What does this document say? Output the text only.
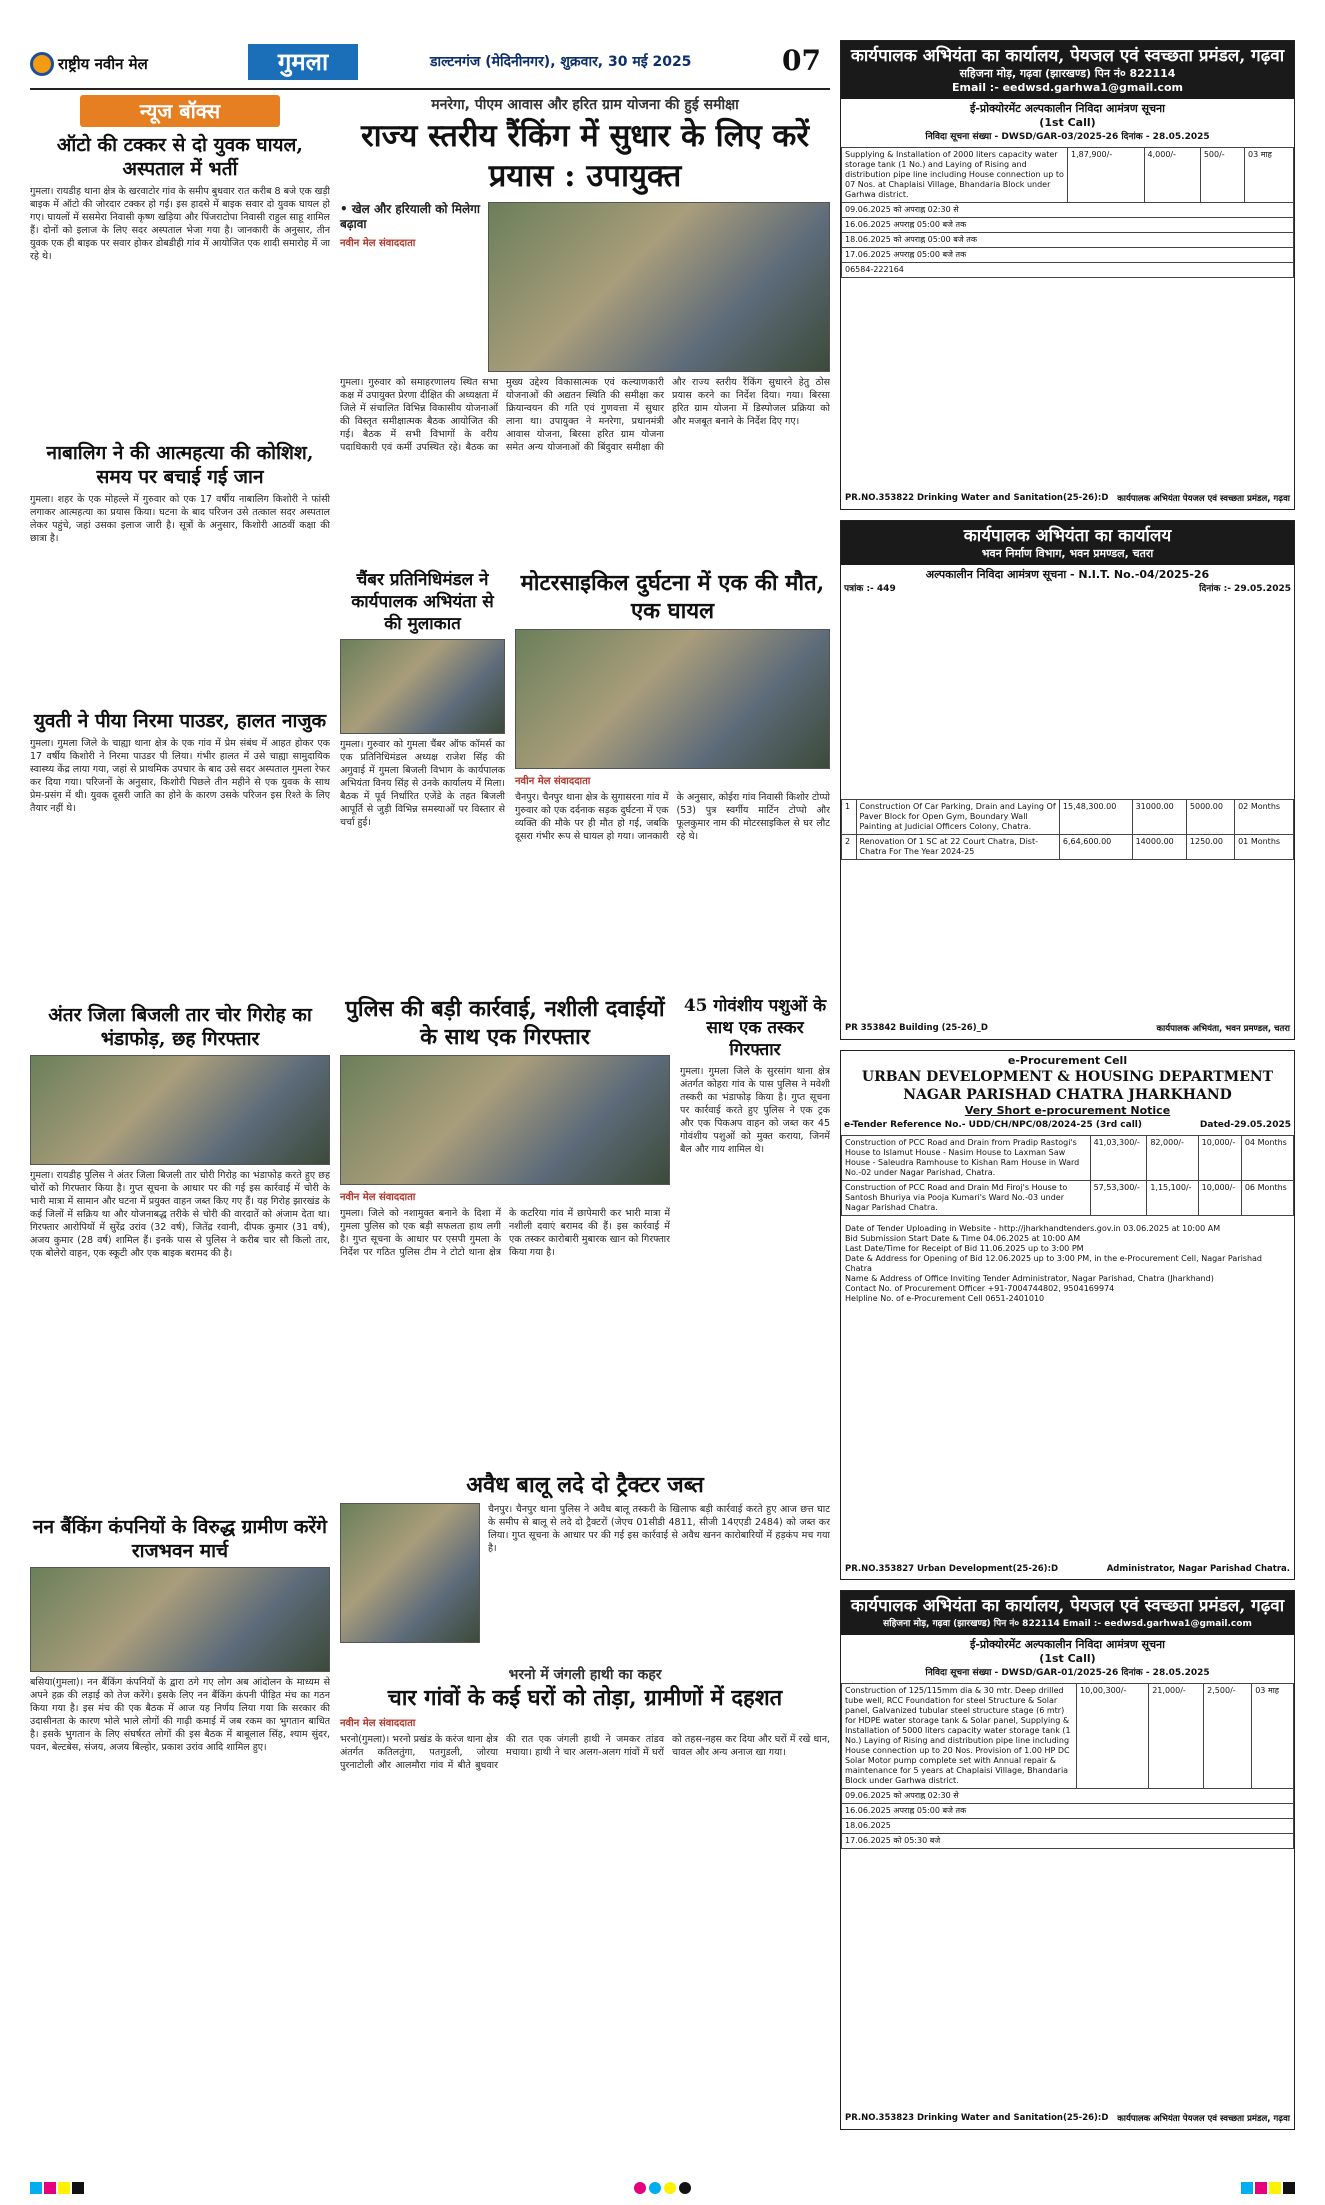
राष्ट्रीय नवीन मेल	गुमला	डाल्टनगंज (मेदिनीनगर), शुक्रवार, 30 मई 2025	07
न्यूज बॉक्स
ऑटो की टक्कर से दो युवक घायल, अस्पताल में भर्ती
गुमला। रायडीह थाना क्षेत्र के खरवाटोर गांव के समीप बुधवार रात करीब 8 बजे एक खड़ी बाइक में ऑटो की जोरदार टक्कर हो गई। इस हादसे में बाइक सवार दो युवक घायल हो गए। घायलों में ससमेरा निवासी कृष्ण खड़िया और पिंजराटोपा निवासी राहुल साहू शामिल हैं। दोनों को इलाज के लिए सदर अस्पताल भेजा गया है। जानकारी के अनुसार, तीन युवक एक ही बाइक पर सवार होकर डोबडीही गांव में आयोजित एक शादी समारोह में जा रहे थे।
नाबालिग ने की आत्महत्या की कोशिश, समय पर बचाई गई जान
गुमला। शहर के एक मोहल्ले में गुरुवार को एक 17 वर्षीय नाबालिग किशोरी ने फांसी लगाकर आत्महत्या का प्रयास किया। घटना के बाद परिजन उसे तत्काल सदर अस्पताल लेकर पहुंचे, जहां उसका इलाज जारी है। सूत्रों के अनुसार, किशोरी आठवीं कक्षा की छात्रा है।
युवती ने पीया निरमा पाउडर, हालत नाजुक
गुमला। गुमला जिले के चाह्या थाना क्षेत्र के एक गांव में प्रेम संबंध में आहत होकर एक 17 वर्षीय किशोरी ने निरमा पाउडर पी लिया। गंभीर हालत में उसे चाह्या सामुदायिक स्वास्थ्य केंद्र लाया गया, जहां से प्राथमिक उपचार के बाद उसे सदर अस्पताल गुमला रेफर कर दिया गया। परिजनों के अनुसार, किशोरी पिछले तीन महीने से एक युवक के साथ प्रेम-प्रसंग में थी। युवक दूसरी जाति का होने के कारण उसके परिजन इस रिश्ते के लिए तैयार नहीं थे।
अंतर जिला बिजली तार चोर गिरोह का भंडाफोड़, छह गिरफ्तार
गुमला। रायडीह पुलिस ने अंतर जिला बिजली तार चोरी गिरोह का भंडाफोड़ करते हुए छह चोरों को गिरफ्तार किया है। गुप्त सूचना के आधार पर की गई इस कार्रवाई में चोरी के भारी मात्रा में सामान और घटना में प्रयुक्त वाहन जब्त किए गए हैं। यह गिरोह झारखंड के कई जिलों में सक्रिय था और योजनाबद्ध तरीके से चोरी की वारदातें को अंजाम देता था। गिरफ्तार आरोपियों में सुरेंद्र उरांव (32 वर्ष), जितेंद्र रवानी, दीपक कुमार (31 वर्ष), अजय कुमार (28 वर्ष) शामिल हैं। इनके पास से पुलिस ने करीब चार सौ किलो तार, एक बोलेरो वाहन, एक स्कूटी और एक बाइक बरामद की है।
नन बैंकिंग कंपनियों के विरुद्ध ग्रामीण करेंगे राजभवन मार्च
बसिया(गुमला)। नन बैंकिंग कंपनियों के द्वारा ठगे गए लोग अब आंदोलन के माध्यम से अपने हक़ की लड़ाई को तेज करेंगे। इसके लिए नन बैंकिंग कंपनी पीड़ित मंच का गठन किया गया है। इस मंच की एक बैठक में आज यह निर्णय लिया गया कि सरकार की उदासीनता के कारण भोले भाले लोगों की गाढ़ी कमाई में जब रकम का भुगतान बाधित है। इसके भुगतान के लिए संघर्षरत लोगों की इस बैठक में बाबूलाल सिंह, श्याम सुंदर, पवन, बेल्टबेस, संजय, अजय बिल्होर, प्रकाश उरांव आदि शामिल हुए।
मनरेगा, पीएम आवास और हरित ग्राम योजना की हुई समीक्षा
राज्य स्तरीय रैंकिंग में सुधार के लिए करें प्रयास : उपायुक्त
• खेल और हरियाली को मिलेगा बढ़ावा
नवीन मेल संवाददाता
गुमला। गुरुवार को समाहरणालय स्थित सभा कक्ष में उपायुक्त प्रेरणा दीक्षित की अध्यक्षता में जिले में संचालित विभिन्न विकासीय योजनाओं की विस्तृत समीक्षात्मक बैठक आयोजित की गई। बैठक में सभी विभागों के वरीय पदाधिकारी एवं कर्मी उपस्थित रहे। बैठक का मुख्य उद्देश्य विकासात्मक एवं कल्याणकारी योजनाओं की अद्यतन स्थिति की समीक्षा कर क्रियान्वयन की गति एवं गुणवत्ता में सुधार लाना था। उपायुक्त ने मनरेगा, प्रधानमंत्री आवास योजना, बिरसा हरित ग्राम योजना समेत अन्य योजनाओं की बिंदुवार समीक्षा की और राज्य स्तरीय रैंकिंग सुधारने हेतु ठोस प्रयास करने का निर्देश दिया। गया। बिरसा हरित ग्राम योजना में डिस्पोजल प्रक्रिया को और मजबूत बनाने के निर्देश दिए गए।
चैंबर प्रतिनिधिमंडल ने कार्यपालक अभियंता से की मुलाकात
गुमला। गुरुवार को गुमला चैंबर ऑफ कॉमर्स का एक प्रतिनिधिमंडल अध्यक्ष राजेश सिंह की अगुवाई में गुमला बिजली विभाग के कार्यपालक अभियंता विनय सिंह से उनके कार्यालय में मिला। बैठक में पूर्व निर्धारित एजेंडे के तहत बिजली आपूर्ति से जुड़ी विभिन्न समस्याओं पर विस्तार से चर्चा हुई।
मोटरसाइकिल दुर्घटना में एक की मौत, एक घायल
नवीन मेल संवाददाता
चैनपुर। चैनपुर थाना क्षेत्र के सुगासरना गांव में गुरुवार को एक दर्दनाक सड़क दुर्घटना में एक व्यक्ति की मौके पर ही मौत हो गई, जबकि दूसरा गंभीर रूप से घायल हो गया। जानकारी के अनुसार, कोईरा गांव निवासी किशोर टोप्पो (53) पुत्र स्वर्गीय मार्टिन टोप्पो और फूलकुमार नाम की मोटरसाइकिल से घर लौट रहे थे।
पुलिस की बड़ी कार्रवाई, नशीली दवाईयों के साथ एक गिरफ्तार
नवीन मेल संवाददाता
गुमला। जिले को नशामुक्त बनाने के दिशा में गुमला पुलिस को एक बड़ी सफलता हाथ लगी है। गुप्त सूचना के आधार पर एसपी गुमला के निर्देश पर गठित पुलिस टीम ने टोटो थाना क्षेत्र के कटरिया गांव में छापेमारी कर भारी मात्रा में नशीली दवाएं बरामद की हैं। इस कार्रवाई में एक तस्कर कारोबारी मुबारक खान को गिरफ्तार किया गया है।
45 गोवंशीय पशुओं के साथ एक तस्कर गिरफ्तार
गुमला। गुमला जिले के सुरसांग थाना क्षेत्र अंतर्गत कोहरा गांव के पास पुलिस ने मवेशी तस्करी का भंडाफोड़ किया है। गुप्त सूचना पर कार्रवाई करते हुए पुलिस ने एक ट्रक और एक पिकअप वाहन को जब्त कर 45 गोवंशीय पशुओं को मुक्त कराया, जिनमें बैल और गाय शामिल थे।
अवैध बालू लदे दो ट्रैक्टर जब्त
चैनपुर। चैनपुर थाना पुलिस ने अवैध बालू तस्करी के खिलाफ बड़ी कार्रवाई करते हुए आज छत्त घाट के समीप से बालू से लदे दो ट्रैक्टरों (जेएच 01सीडी 4811, सीजी 14एएडी 2484) को जब्त कर लिया। गुप्त सूचना के आधार पर की गई इस कार्रवाई से अवैध खनन कारोबारियों में हड़कंप मच गया है।
भरनो में जंगली हाथी का कहर
चार गांवों के कई घरों को तोड़ा, ग्रामीणों में दहशत
नवीन मेल संवाददाता
भरनो(गुमला)। भरनो प्रखंड के करंज थाना क्षेत्र अंतर्गत कतिलतुंगा, पतगुडली, जोरया पुरनाटोली और आलमौरा गांव में बीते बुधवार की रात एक जंगली हाथी ने जमकर तांडव मचाया। हाथी ने चार अलग-अलग गांवों में घरों को तहस-नहस कर दिया और घरों में रखे धान, चावल और अन्य अनाज खा गया।
कार्यपालक अभियंता का कार्यालय, पेयजल एवं स्वच्छता प्रमंडल, गढ़वा
सहिजना मोड़, गढ़वा (झारखण्ड) पिन नं० 822114
Email :- eedwsd.garhwa1@gmail.com
ई-प्रोक्योरमेंट अल्पकालीन निविदा आमंत्रण सूचना
(1st Call)
निविदा सूचना संख्या - DWSD/GAR-03/2025-26 दिनांक - 28.05.2025
Supplying & Installation of 2000 liters capacity water storage tank (1 No.) and Laying of Rising and distribution pipe line including House connection up to 07 Nos. at Chaplaisi Village, Bhandaria Block under Garhwa district.	1,87,900/-	4,000/-	500/-	03 माह
09.06.2025 को अपराह्न 02:30 से
16.06.2025 अपराह्न 05:00 बजे तक
18.06.2025 को अपराह्न 05:00 बजे तक
17.06.2025 अपराह्न 05:00 बजे तक
06584-222164
PR.NO.353822 Drinking Water and Sanitation(25-26):D कार्यपालक अभियंता पेयजल एवं स्वच्छता प्रमंडल, गढ़वा
कार्यपालक अभियंता का कार्यालय
भवन निर्माण विभाग, भवन प्रमण्डल, चतरा
अल्पकालीन निविदा आमंत्रण सूचना - N.I.T. No.-04/2025-26
पत्रांक :- 449	दिनांक :- 29.05.2025
1	Construction Of Car Parking, Drain and Laying Of Paver Block for Open Gym, Boundary Wall Painting at Judicial Officers Colony, Chatra.	15,48,300.00	31000.00	5000.00	02 Months
2	Renovation Of 1 SC at 22 Court Chatra, Dist-Chatra For The Year 2024-25	6,64,600.00	14000.00	1250.00	01 Months
PR 353842 Building (25-26)_D	कार्यपालक अभियंता, भवन प्रमण्डल, चतरा
e-Procurement Cell
URBAN DEVELOPMENT & HOUSING DEPARTMENT
NAGAR PARISHAD CHATRA JHARKHAND
Very Short e-procurement Notice
e-Tender Reference No.- UDD/CH/NPC/08/2024-25 (3rd call)	Dated-29.05.2025
Construction of PCC Road and Drain from Pradip Rastogi's House to Islamut House - Nasim House to Laxman Saw House - Saleudra Ramhouse to Kishan Ram House in Ward No.-02 under Nagar Parishad, Chatra.	41,03,300/-	82,000/-	10,000/-	04 Months
Construction of PCC Road and Drain Md Firoj's House to Santosh Bhuriya via Pooja Kumari's Ward No.-03 under Nagar Parishad Chatra.	57,53,300/-	1,15,100/-	10,000/-	06 Months
Date of Tender Uploading in Website - http://jharkhandtenders.gov.in 03.06.2025 at 10:00 AM
Bid Submission Start Date & Time 04.06.2025 at 10:00 AM
Last Date/Time for Receipt of Bid 11.06.2025 up to 3:00 PM
Date & Address for Opening of Bid 12.06.2025 up to 3:00 PM, in the e-Procurement Cell, Nagar Parishad Chatra
Name & Address of Office Inviting Tender Administrator, Nagar Parishad, Chatra (Jharkhand)
Contact No. of Procurement Officer +91-7004744802, 9504169974
Helpline No. of e-Procurement Cell 0651-2401010
PR.NO.353827 Urban Development(25-26):D	Administrator, Nagar Parishad Chatra.
कार्यपालक अभियंता का कार्यालय, पेयजल एवं स्वच्छता प्रमंडल, गढ़वा
सहिजना मोड़, गढ़वा (झारखण्ड) पिन नं० 822114 Email :- eedwsd.garhwa1@gmail.com
ई-प्रोक्योरमेंट अल्पकालीन निविदा आमंत्रण सूचना
(1st Call)
निविदा सूचना संख्या - DWSD/GAR-01/2025-26 दिनांक - 28.05.2025
Construction of 125/115mm dia & 30 mtr. Deep drilled tube well, RCC Foundation for steel Structure & Solar panel, Galvanized tubular steel structure stage (6 mtr) for HDPE water storage tank & Solar panel, Supplying & Installation of 5000 liters capacity water storage tank (1 No.) Laying of Rising and distribution pipe line including House connection up to 20 Nos. Provision of 1.00 HP DC Solar Motor pump complete set with Annual repair & maintenance for 5 years at Chaplaisi Village, Bhandaria Block under Garhwa district.	10,00,300/-	21,000/-	2,500/-	03 माह
09.06.2025 को अपराह्न 02:30 से
16.06.2025 अपराह्न 05:00 बजे तक
18.06.2025
17.06.2025 को 05:30 बजे
PR.NO.353823 Drinking Water and Sanitation(25-26):D कार्यपालक अभियंता पेयजल एवं स्वच्छता प्रमंडल, गढ़वा
